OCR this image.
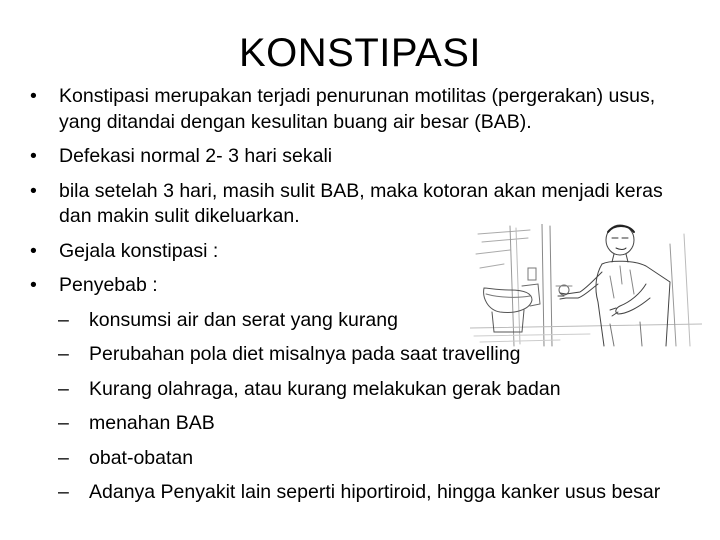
KONSTIPASI
• Konstipasi merupakan terjadi penurunan motilitas (pergerakan) usus, yang ditandai dengan kesulitan buang air besar (BAB).
• Defekasi normal 2- 3 hari sekali
• bila setelah 3 hari, masih sulit BAB, maka kotoran akan menjadi keras dan makin sulit dikeluarkan.
• Gejala konstipasi :
• Penyebab :
– konsumsi air dan serat yang kurang
– Perubahan pola diet misalnya pada saat travelling
– Kurang olahraga, atau kurang melakukan gerak badan
– menahan BAB
– obat-obatan
– Adanya Penyakit lain seperti hiportiroid, hingga kanker usus besar
